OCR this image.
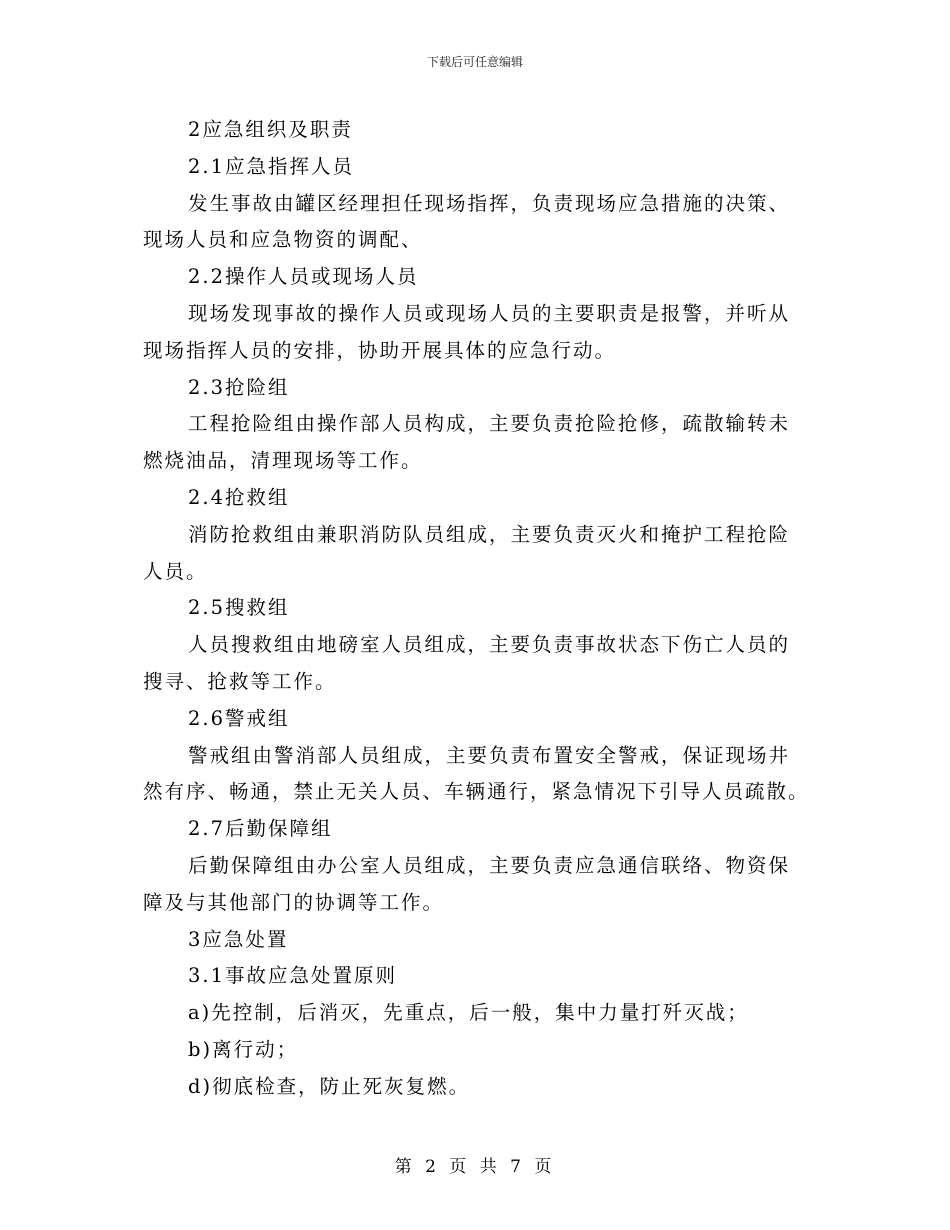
下载后可任意编辑

2应急组织及职责

2.1应急指挥人员

发生事故由罐区经理担任现场指挥，负责现场应急措施的决策、现场人员和应急物资的调配、

2.2操作人员或现场人员

现场发现事故的操作人员或现场人员的主要职责是报警，并听从现场指挥人员的安排，协助开展具体的应急行动。

2.3抢险组

工程抢险组由操作部人员构成，主要负责抢险抢修，疏散输转未燃烧油品，清理现场等工作。

2.4抢救组

消防抢救组由兼职消防队员组成，主要负责灭火和掩护工程抢险人员。

2.5搜救组

人员搜救组由地磅室人员组成，主要负责事故状态下伤亡人员的搜寻、抢救等工作。

2.6警戒组

警戒组由警消部人员组成，主要负责布置安全警戒，保证现场井然有序、畅通，禁止无关人员、车辆通行，紧急情况下引导人员疏散。

2.7后勤保障组

后勤保障组由办公室人员组成，主要负责应急通信联络、物资保障及与其他部门的协调等工作。

3应急处置

3.1事故应急处置原则

a)先控制，后消灭，先重点，后一般，集中力量打歼灭战；

b)离行动；

d)彻底检查，防止死灰复燃。

第 2 页 共 7 页
